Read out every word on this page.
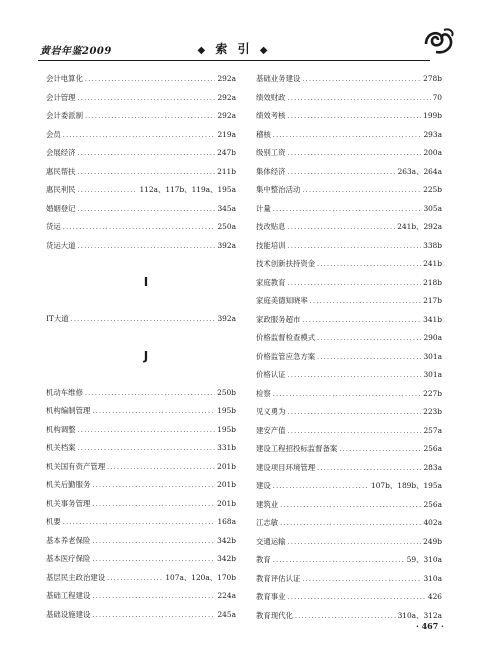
黄岩年鉴2009	◆ 索 引 ◆
会计电算化 .....	292a
会计管理 .....	292a
会计委派制 .....	292a
会员 .....	219a
会展经济 .....	247b
惠民帮扶 .....	211b
惠民利民 .....	112a、117b、119a、195a
婚姻登记 .....	345a
货运 .....	250a
货运大道 .....	392a
I
IT大道 .....	392a
J
机动车维修 .....	250b
机构编制管理 .....	195b
机构调整 .....	195b
机关档案 .....	331b
机关国有资产管理 .....	201b
机关后勤服务 .....	201b
机关事务管理 .....	201b
机要 .....	168a
基本养老保险 .....	342b
基本医疗保险 .....	342b
基层民主政治建设 .....	107a、120a、170b
基础工程建设 .....	224a
基础设施建设 .....	245a
基础业务建设 .....	278b
绩效财政 .....	70
绩效考核 .....	199b
稽核 .....	293a
级别工资 .....	200a
集体经济 .....	263a、264a
集中整治活动 .....	225b
计量 .....	305a
技改贴息 .....	241b、292a
技能培训 .....	338b
技术创新扶持资金 .....	241b
家庭教育 .....	218b
家庭美德知晓率 .....	217b
家政服务超市 .....	341b
价格监督检查模式 .....	290a
价格监管应急方案 .....	301a
价格认证 .....	301a
检察 .....	227b
见义勇为 .....	223b
建安产值 .....	257a
建设工程招投标监督备案 .....	256a
建设项目环境管理 .....	283a
建设 .....	107b、189b、195a
建筑业 .....	256a
江志敏 .....	402a
交通运输 .....	249b
教育 .....	59、310a
教育评估认证 .....	310a
教育事业 .....	426
教育现代化 .....	310a、312a
· 467 ·
